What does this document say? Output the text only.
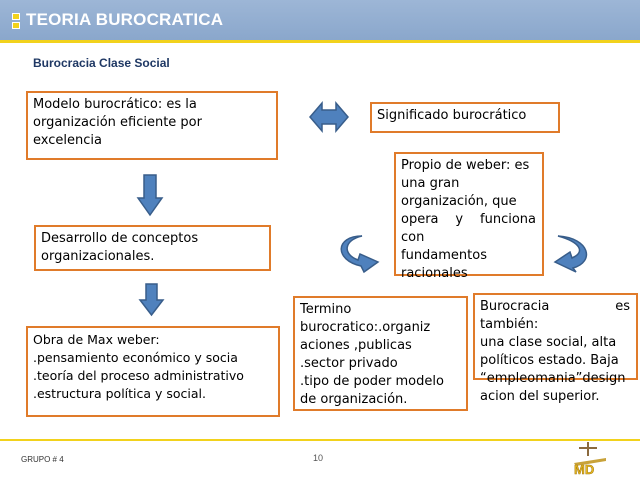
TEORIA BUROCRATICA
Burocracia Clase Social
Modelo burocrático: es la
organización eficiente por
excelencia
Significado burocrático
Propio de weber: es
una gran
organización, que
opera y funciona con
fundamentos
racionales
Desarrollo de conceptos
organizacionales.
Termino
burocratico:.organiz
aciones ,publicas
.sector privado
.tipo de poder modelo
de organización.
Burocracia es también:
una clase social, alta
políticos estado. Baja
“empleomania”design
acion del superior.
Obra de Max weber:
.pensamiento económico y socia
.teoría del proceso administrativo
.estructura política y social.
GRUPO # 4	10
MD
